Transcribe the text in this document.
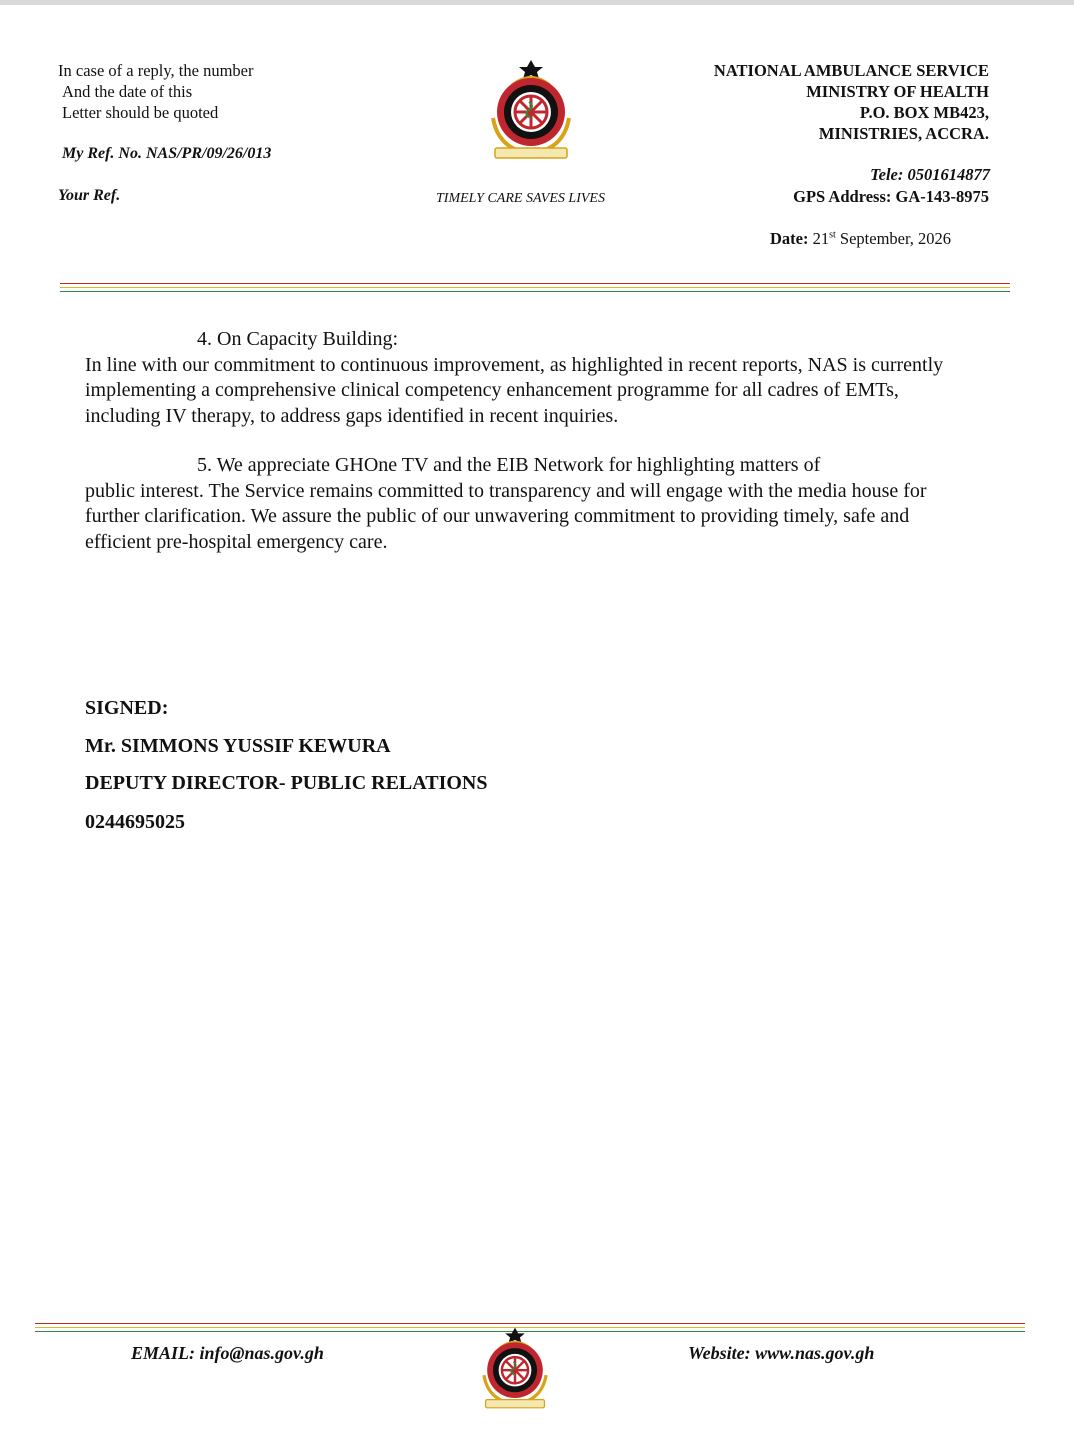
In case of a reply, the number
And the date of this
Letter should be quoted
My Ref. No. NAS/PR/09/26/013
Your Ref.	TIMELY CARE SAVES LIVES
NATIONAL AMBULANCE SERVICE
MINISTRY OF HEALTH
P.O. BOX MB423,
MINISTRIES, ACCRA.
Tele: 0501614877
GPS Address: GA-143-8975
Date: 21st September, 2026

4. On Capacity Building:

In line with our commitment to continuous improvement, as highlighted in recent reports, NAS is currently implementing a comprehensive clinical competency enhancement programme for all cadres of EMTs, including IV therapy, to address gaps identified in recent inquiries.

5. We appreciate GHOne TV and the EIB Network for highlighting matters of

public interest. The Service remains committed to transparency and will engage with the media house for further clarification. We assure the public of our unwavering commitment to providing timely, safe and efficient pre-hospital emergency care.

SIGNED:
Mr. SIMMONS YUSSIF KEWURA
DEPUTY DIRECTOR- PUBLIC RELATIONS
0244695025
EMAIL: info@nas.gov.gh	Website: www.nas.gov.gh
